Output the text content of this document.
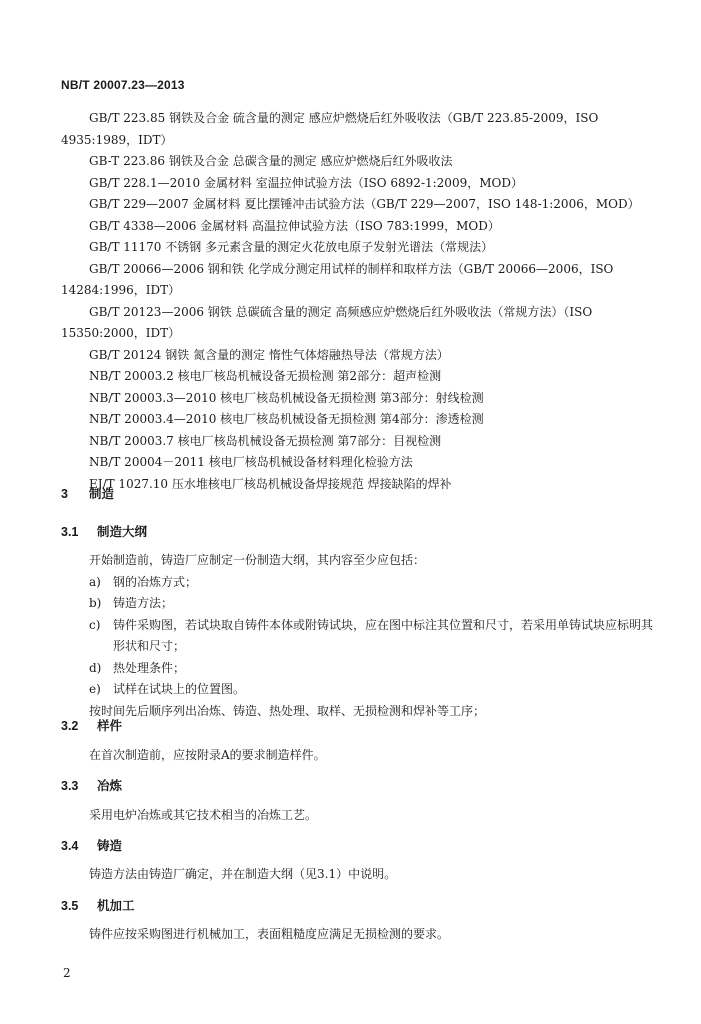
NB/T 20007.23—2013
GB/T 223.85 钢铁及合金 硫含量的测定 感应炉燃烧后红外吸收法（GB/T 223.85-2009，ISO 4935:1989，IDT）
GB-T 223.86 钢铁及合金 总碳含量的测定 感应炉燃烧后红外吸收法
GB/T 228.1—2010 金属材料 室温拉伸试验方法（ISO 6892-1:2009，MOD）
GB/T 229—2007 金属材料 夏比摆锤冲击试验方法（GB/T 229—2007，ISO 148-1:2006，MOD）
GB/T 4338—2006 金属材料 高温拉伸试验方法（ISO 783:1999，MOD）
GB/T 11170 不锈钢 多元素含量的测定火花放电原子发射光谱法（常规法）
GB/T 20066—2006 钢和铁 化学成分测定用试样的制样和取样方法（GB/T 20066—2006，ISO 14284:1996，IDT）
GB/T 20123—2006 钢铁 总碳硫含量的测定 高频感应炉燃烧后红外吸收法（常规方法）（ISO 15350:2000，IDT）
GB/T 20124 钢铁 氮含量的测定 惰性气体熔融热导法（常规方法）
NB/T 20003.2 核电厂核岛机械设备无损检测 第2部分：超声检测
NB/T 20003.3—2010 核电厂核岛机械设备无损检测 第3部分：射线检测
NB/T 20003.4—2010 核电厂核岛机械设备无损检测 第4部分：渗透检测
NB/T 20003.7 核电厂核岛机械设备无损检测 第7部分：目视检测
NB/T 20004－2011 核电厂核岛机械设备材料理化检验方法
EJ/T 1027.10 压水堆核电厂核岛机械设备焊接规范 焊接缺陷的焊补
3 制造
3.1 制造大纲
开始制造前，铸造厂应制定一份制造大纲，其内容至少应包括：
a) 钢的冶炼方式；
b) 铸造方法；
c) 铸件采购图，若试块取自铸件本体或附铸试块，应在图中标注其位置和尺寸，若采用单铸试块应标明其形状和尺寸；
d) 热处理条件；
e) 试样在试块上的位置图。
按时间先后顺序列出冶炼、铸造、热处理、取样、无损检测和焊补等工序；
3.2 样件
在首次制造前，应按附录A的要求制造样件。
3.3 冶炼
采用电炉冶炼或其它技术相当的冶炼工艺。
3.4 铸造
铸造方法由铸造厂确定，并在制造大纲（见3.1）中说明。
3.5 机加工
铸件应按采购图进行机械加工，表面粗糙度应满足无损检测的要求。
2
